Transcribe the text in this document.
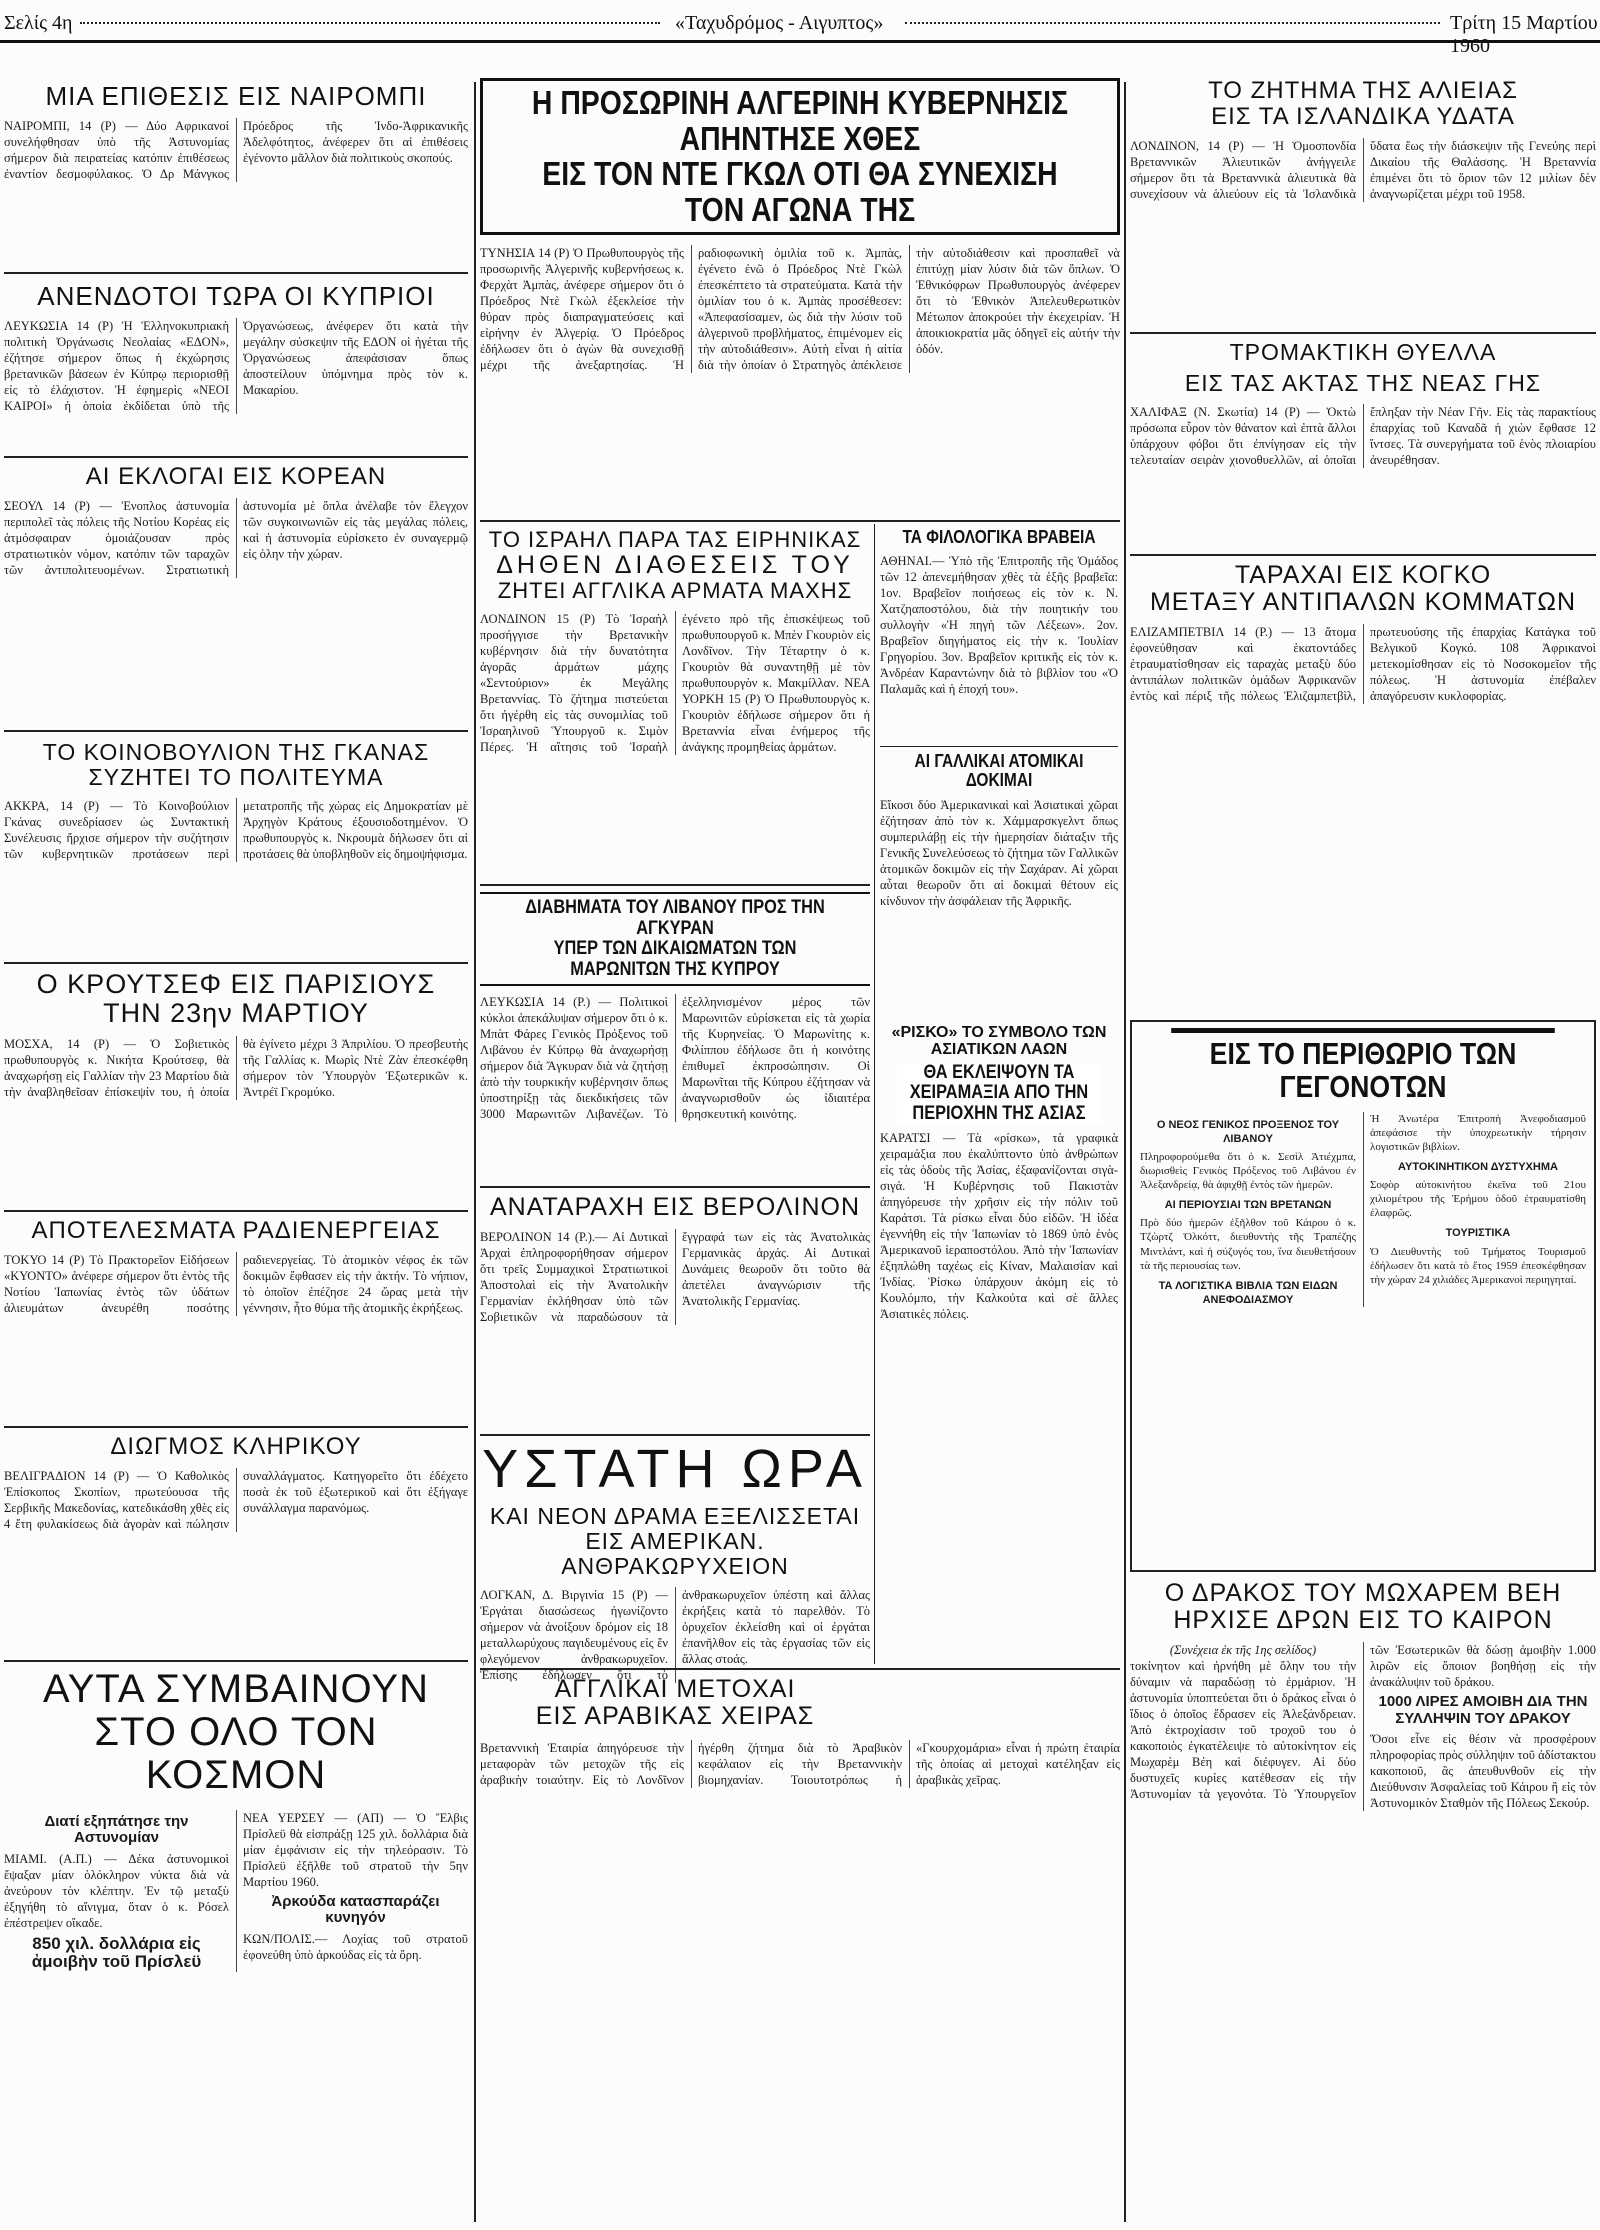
Σελίς 4η	«Ταχυδρόμος - Αιγυπτος»	Τρίτη 15 Μαρτίου 1960
ΜΙΑ ΕΠΙΘΕΣΙΣ ΕΙΣ ΝΑΙΡΟΜΠΙ
ΝΑΙΡΟΜΠΙ, 14 (Ρ) — Δύο Αφρικανοί συνελήφθησαν ὑπὸ τῆς Ἀστυνομίας σήμερον διὰ πειρατείας κατόπιν ἐπιθέσεως ἐναντίον δεσμοφύλακος. Ὁ Δρ Μάνγκος Πρόεδρος τῆς Ἰνδο-Ἀφρικανικῆς Ἀδελφότητος, ἀνέφερεν ὅτι αἱ ἐπιθέσεις ἐγένοντο μᾶλλον διὰ πολιτικοὺς σκοπούς.
ΑΝΕΝΔΟΤΟΙ ΤΩΡΑ ΟΙ ΚΥΠΡΙΟΙ
ΛΕΥΚΩΣΙΑ 14 (Ρ) Ἡ Ἑλληνοκυπριακὴ πολιτικὴ Ὀργάνωσις Νεολαίας «ΕΔΟΝ», ἐζήτησε σήμερον ὅπως ἡ ἐκχώρησις βρετανικῶν βάσεων ἐν Κύπρῳ περιορισθῇ εἰς τὸ ἐλάχιστον. Ἡ ἐφημερὶς «ΝΕΟΙ ΚΑΙΡΟΙ» ἡ ὁποία ἐκδίδεται ὑπὸ τῆς Ὀργανώσεως, ἀνέφερεν ὅτι κατὰ τὴν μεγάλην σύσκεψιν τῆς ΕΔΟΝ οἱ ἡγέται τῆς Ὀργανώσεως ἀπεφάσισαν ὅπως ἀποστείλουν ὑπόμνημα πρὸς τὸν κ. Μακαρίου.
ΑΙ ΕΚΛΟΓΑΙ ΕΙΣ ΚΟΡΕΑΝ
ΣΕΟΥΛ 14 (Ρ) — Ἐνοπλος ἀστυνομία περιπολεῖ τὰς πόλεις τῆς Νοτίου Κορέας εἰς ἀτμόσφαιραν ὁμοιάζουσαν πρὸς στρατιωτικὸν νόμον, κατόπιν τῶν ταραχῶν τῶν ἀντιπολιτευομένων. Στρατιωτικὴ ἀστυνομία μὲ ὅπλα ἀνέλαβε τὸν ἔλεγχον τῶν συγκοινωνιῶν εἰς τὰς μεγάλας πόλεις, καὶ ἡ ἀστυνομία εὑρίσκετο ἐν συναγερμῷ εἰς ὁλην τὴν χώραν.
ΤΟ ΚΟΙΝΟΒΟΥΛΙΟΝ ΤΗΣ ΓΚΑΝΑΣ
ΣΥΖΗΤΕΙ ΤΟ ΠΟΛΙΤΕΥΜΑ
ΑΚΚΡΑ, 14 (Ρ) — Τὸ Κοινοβούλιον Γκάνας συνεδρίασεν ὡς Συντακτικὴ Συνέλευσις ἤρχισε σήμερον τὴν συζήτησιν τῶν κυβερνητικῶν προτάσεων περὶ μετατροπῆς τῆς χώρας εἰς Δημοκρατίαν μὲ Ἀρχηγὸν Κράτους ἐξουσιοδοτημένον. Ὁ πρωθυπουργὸς κ. Νκρουμὰ δήλωσεν ὅτι αἱ προτάσεις θὰ ὑποβληθοῦν εἰς δημοψήφισμα.
Ο ΚΡΟΥΤΣΕΦ ΕΙΣ ΠΑΡΙΣΙΟΥΣ
ΤΗΝ 23ην ΜΑΡΤΙΟΥ
ΜΟΣΧΑ, 14 (Ρ) — Ὁ Σοβιετικὸς πρωθυπουργὸς κ. Νικήτα Κρούτσεφ, θὰ ἀναχωρήσῃ εἰς Γαλλίαν τὴν 23 Μαρτίου διὰ τὴν ἀναβληθεῖσαν ἐπίσκεψίν του, ἡ ὁποία θὰ ἐγίνετο μέχρι 3 Ἀπριλίου. Ὁ πρεσβευτὴς τῆς Γαλλίας κ. Μωρὶς Ντὲ Ζὰν ἐπεσκέφθη σήμερον τὸν Ὑπουργὸν Ἐξωτερικῶν κ. Ἀντρέϊ Γκρομύκο.
ΑΠΟΤΕΛΕΣΜΑΤΑ ΡΑΔΙΕΝΕΡΓΕΙΑΣ
ΤΟΚΥΟ 14 (Ρ) Τὸ Πρακτορεῖον Εἰδήσεων «ΚΥΟΝΤΟ» ἀνέφερε σήμερον ὅτι ἐντὸς τῆς Νοτίου Ἰαπωνίας ἐντὸς τῶν ὑδάτων ἀλιευμάτων ἀνευρέθη ποσότης ραδιενεργείας. Τὸ ἀτομικὸν νέφος ἐκ τῶν δοκιμῶν ἔφθασεν εἰς τὴν ἀκτήν. Τὸ νήπιον, τὸ ὁποῖον ἐπέζησε 24 ὥρας μετὰ τὴν γέννησιν, ἦτο θύμα τῆς ἀτομικῆς ἐκρήξεως.
ΔΙΩΓΜΟΣ ΚΛΗΡΙΚΟΥ
ΒΕΛΙΓΡΑΔΙΟΝ 14 (Ρ) — Ὁ Καθολικὸς Ἐπίσκοπος Σκοπίων, πρωτεύουσα τῆς Σερβικῆς Μακεδονίας, κατεδικάσθη χθὲς εἰς 4 ἔτη φυλακίσεως διὰ ἀγορὰν καὶ πώλησιν συναλλάγματος. Κατηγορεῖτο ὅτι ἐδέχετο ποσὰ ἐκ τοῦ ἐξωτερικοῦ καὶ ὅτι ἐξήγαγε συνάλλαγμα παρανόμως.
ΑΥΤΑ ΣΥΜΒΑΙΝΟΥΝ
ΣΤΟ ΟΛΟ ΤΟΝ ΚΟΣΜΟΝ
Διατί εξηπάτησε την Αστυνομίαν
ΜΙΑΜΙ. (Α.Π.) — Δέκα ἀστυνομικοὶ ἔψαξαν μίαν ὁλόκληρον νύκτα διὰ νὰ ἀνεύρουν τὸν κλέπτην. Ἐν τῷ μεταξὺ ἐξηγήθη τὸ αἴνιγμα, ὅταν ὁ κ. Ρόσελ ἐπέστρεψεν οἴκαδε.
850 χιλ. δολλάρια εἰς ἀμοιβὴν τοῦ Πρίσλεϋ
ΝΕΑ ΥΕΡΣΕΥ — (ΑΠ) — Ὁ Ἔλβις Πρίσλεϋ θὰ εἰσπράξῃ 125 χιλ. δολλάρια διὰ μίαν ἐμφάνισιν εἰς τὴν τηλεόρασιν. Τὸ Πρίσλεϋ ἐξῆλθε τοῦ στρατοῦ τὴν 5ην Μαρτίου 1960.
Ἀρκούδα κατασπαράζει κυνηγόν
ΚΩΝ/ΠΟΛΙΣ.— Λοχίας τοῦ στρατοῦ ἐφονεύθη ὑπὸ ἀρκούδας εἰς τὰ ὄρη.
Η ΠΡΟΣΩΡΙΝΗ ΑΛΓΕΡΙΝΗ ΚΥΒΕΡΝΗΣΙΣ ΑΠΗΝΤΗΣΕ ΧΘΕΣ
ΕΙΣ ΤΟΝ ΝΤΕ ΓΚΩΛ ΟΤΙ ΘΑ ΣΥΝΕΧΙΣΗ ΤΟΝ ΑΓΩΝΑ ΤΗΣ
ΤΥΝΗΣΙΑ 14 (Ρ) Ὁ Πρωθυπουργὸς τῆς προσωρινῆς Ἀλγερινῆς κυβερνήσεως κ. Φερχὰτ Ἀμπὰς, ἀνέφερε σήμερον ὅτι ὁ Πρόεδρος Ντὲ Γκὼλ ἐξεκλείσε τὴν θύραν πρὸς διαπραγματεύσεις καὶ εἰρήνην ἐν Ἀλγερίᾳ. Ὁ Πρόεδρος ἐδήλωσεν ὅτι ὁ ἀγὼν θὰ συνεχισθῇ μέχρι τῆς ἀνεξαρτησίας. Ἡ ραδιοφωνικὴ ὁμιλία τοῦ κ. Ἀμπὰς, ἐγένετο ἐνῶ ὁ Πρόεδρος Ντὲ Γκὼλ ἐπεσκέπτετο τὰ στρατεύματα. Κατὰ τὴν ὁμιλίαν του ὁ κ. Ἀμπὰς προσέθεσεν: «Ἀπεφασίσαμεν, ὡς διὰ τὴν λύσιν τοῦ ἀλγερινοῦ προβλήματος, ἐπιμένομεν εἰς τὴν αὐτοδιάθεσιν». Αὐτὴ εἶναι ἡ αἰτία διὰ τὴν ὁποίαν ὁ Στρατηγὸς ἀπέκλεισε τὴν αὐτοδιάθεσιν καὶ προσπαθεῖ νὰ ἐπιτύχῃ μίαν λύσιν διὰ τῶν ὅπλων. Ὁ Ἐθνικόφρων Πρωθυπουργὸς ἀνέφερεν ὅτι τὸ Ἐθνικὸν Ἀπελευθερωτικὸν Μέτωπον ἀποκρούει τὴν ἐκεχειρίαν. Ἡ ἀποικιοκρατία μᾶς ὁδηγεῖ εἰς αὐτήν τὴν ὁδόν.
ΤΟ ΙΣΡΑΗΛ ΠΑΡΑ ΤΑΣ ΕΙΡΗΝΙΚΑΣ
ΔΗΘΕΝ ΔΙΑΘΕΣΕΙΣ ΤΟΥ
ΖΗΤΕΙ ΑΓΓΛΙΚΑ ΑΡΜΑΤΑ ΜΑΧΗΣ
ΛΟΝΔΙΝΟΝ 15 (Ρ) Τὸ Ἰσραὴλ προσήγγισε τὴν Βρετανικὴν κυβέρνησιν διὰ τὴν δυνατότητα ἀγορᾶς ἀρμάτων μάχης «Σεντούριον» ἐκ Μεγάλης Βρεταννίας. Τὸ ζήτημα πιστεύεται ὅτι ἠγέρθη εἰς τὰς συνομιλίας τοῦ Ἰσραηλινοῦ Ὑπουργοῦ κ. Σιμὸν Πέρες. Ἡ αἴτησις τοῦ Ἰσραὴλ ἐγένετο πρὸ τῆς ἐπισκέψεως τοῦ πρωθυπουργοῦ κ. Μπὲν Γκουριὸν εἰς Λονδῖνον. Τὴν Τέταρτην ὁ κ. Γκουριὸν θὰ συναντηθῇ μὲ τὸν πρωθυπουργὸν κ. Μακμίλλαν. ΝΕΑ ΥΟΡΚΗ 15 (Ρ) Ὁ Πρωθυπουργὸς κ. Γκουριὸν ἐδήλωσε σήμερον ὅτι ἡ Βρεταννία εἶναι ἐνήμερος τῆς ἀνάγκης προμηθείας ἀρμάτων.
ΤΑ ΦΙΛΟΛΟΓΙΚΑ ΒΡΑΒΕΙΑ
ΑΘΗΝΑΙ.— Ὑπὸ τῆς Ἐπιτροπῆς τῆς Ὁμάδος τῶν 12 ἀπενεμήθησαν χθὲς τὰ ἑξῆς βραβεῖα: 1ον. Βραβεῖον ποιήσεως εἰς τὸν κ. Ν. Χατζηαποστόλου, διὰ τὴν ποιητικήν του συλλογὴν «Ἡ πηγὴ τῶν Λέξεων». 2ον. Βραβεῖον διηγήματος εἰς τὴν κ. Ἰουλίαν Γρηγορίου. 3ον. Βραβεῖον κριτικῆς εἰς τὸν κ. Ἀνδρέαν Καραντώνην διὰ τὸ βιβλίον του «Ὁ Παλαμᾶς καὶ ἡ ἐποχή του».
ΑΙ ΓΑΛΛΙΚΑΙ ΑΤΟΜΙΚΑΙ ΔΟΚΙΜΑΙ
Εἴκοσι δύο Ἀμερικανικαὶ καὶ Ἀσιατικαὶ χῶραι ἐζήτησαν ἀπὸ τὸν κ. Χάμμαρσκγελντ ὅπως συμπεριλάβῃ εἰς τὴν ἡμερησίαν διάταξιν τῆς Γενικῆς Συνελεύσεως τὸ ζήτημα τῶν Γαλλικῶν ἀτομικῶν δοκιμῶν εἰς τὴν Σαχάραν. Αἱ χῶραι αὗται θεωροῦν ὅτι αἱ δοκιμαὶ θέτουν εἰς κίνδυνον τὴν ἀσφάλειαν τῆς Ἀφρικῆς.
«ΡΙΣΚΟ» ΤΟ ΣΥΜΒΟΛΟ ΤΩΝ ΑΣΙΑΤΙΚΩΝ ΛΑΩΝ
ΘΑ ΕΚΛΕΙΨΟΥΝ ΤΑ ΧΕΙΡΑΜΑΞΙΑ ΑΠΟ ΤΗΝ ΠΕΡΙΟΧΗΝ ΤΗΣ ΑΣΙΑΣ
ΚΑΡΑΤΣΙ — Τὰ «ρίσκω», τὰ γραφικὰ χειραμάξια που ἐκαλύπτοντο ὑπὸ ἀνθρώπων εἰς τὰς ὁδοὺς τῆς Ἀσίας, ἐξαφανίζονται σιγὰ-σιγά. Ἡ Κυβέρνησις τοῦ Πακιστὰν ἀπηγόρευσε τὴν χρῆσιν εἰς τὴν πόλιν τοῦ Καράτσι. Τὰ ρίσκω εἶναι δύο εἰδῶν. Ἡ ἰδέα ἐγεννήθη εἰς τὴν Ἰαπωνίαν τὸ 1869 ὑπὸ ἑνὸς Ἀμερικανοῦ ἱεραποστόλου. Ἀπὸ τὴν Ἰαπωνίαν ἐξηπλώθη ταχέως εἰς Κίναν, Μαλαισίαν καὶ Ἰνδίας. Ῥίσκω ὑπάρχουν ἀκόμη εἰς τὸ Κουλόμπο, τὴν Καλκούτα καὶ σὲ ἄλλες Ἀσιατικὲς πόλεις.
ΔΙΑΒΗΜΑΤΑ ΤΟΥ ΛΙΒΑΝΟΥ ΠΡΟΣ ΤΗΝ ΑΓΚΥΡΑΝ
ΥΠΕΡ ΤΩΝ ΔΙΚΑΙΩΜΑΤΩΝ ΤΩΝ ΜΑΡΩΝΙΤΩΝ ΤΗΣ ΚΥΠΡΟΥ
ΛΕΥΚΩΣΙΑ 14 (Ρ.) — Πολιτικοὶ κύκλοι ἀπεκάλυψαν σήμερον ὅτι ὁ κ. Μπὰτ Φάρες Γενικὸς Πρόξενος τοῦ Λιβάνου ἐν Κύπρῳ θὰ ἀναχωρήσῃ σήμερον διὰ Ἄγκυραν διὰ νὰ ζητήσῃ ἀπὸ τὴν τουρκικὴν κυβέρνησιν ὅπως ὑποστηρίξῃ τὰς διεκδικήσεις τῶν 3000 Μαρωνιτῶν Λιβανέζων. Τὸ ἐξελληνισμένον μέρος τῶν Μαρωνιτῶν εὑρίσκεται εἰς τὰ χωρία τῆς Κυρηνείας. Ὁ Μαρωνίτης κ. Φιλίππου ἐδήλωσε ὅτι ἡ κοινότης ἐπιθυμεῖ ἐκπροσώπησιν. Οἱ Μαρωνῖται τῆς Κύπρου ἐζήτησαν νὰ ἀναγνωρισθοῦν ὡς ἰδιαιτέρα θρησκευτικὴ κοινότης.
ΑΝΑΤΑΡΑΧΗ ΕΙΣ ΒΕΡΟΛΙΝΟΝ
ΒΕΡΟΛΙΝΟΝ 14 (Ρ.).— Αἱ Δυτικαὶ Ἀρχαὶ ἐπληροφορήθησαν σήμερον ὅτι τρεῖς Συμμαχικοὶ Στρατιωτικοὶ Ἀποστολαὶ εἰς τὴν Ἀνατολικὴν Γερμανίαν ἐκλήθησαν ὑπὸ τῶν Σοβιετικῶν νὰ παραδώσουν τὰ ἔγγραφά των εἰς τὰς Ἀνατολικὰς Γερμανικὰς ἀρχάς. Αἱ Δυτικαὶ Δυνάμεις θεωροῦν ὅτι τοῦτο θὰ ἀπετέλει ἀναγνώρισιν τῆς Ἀνατολικῆς Γερμανίας.
ΥΣΤΑΤΗ ΩΡΑ
ΚΑΙ ΝΕΟΝ ΔΡΑΜΑ ΕΞΕΛΙΣΣΕΤΑΙ
ΕΙΣ ΑΜΕΡΙΚΑΝ. ΑΝΘΡΑΚΩΡΥΧΕΙΟΝ
ΛΟΓΚΑΝ, Δ. Βιργινία 15 (Ρ) — Ἐργάται διασώσεως ἠγωνίζοντο σήμερον νὰ ἀνοίξουν δρόμον εἰς 18 μεταλλωρύχους παγιδευμένους εἰς ἕν φλεγόμενον ἀνθρακωρυχεῖον. Ἐπίσης ἐδήλωσεν ὅτι τὸ ἀνθρακωρυχεῖον ὑπέστη καὶ ἄλλας ἐκρήξεις κατὰ τὸ παρελθόν. Τὸ ὀρυχεῖον ἐκλείσθη καὶ οἱ ἐργάται ἐπανῆλθον εἰς τὰς ἐργασίας τῶν εἰς ἄλλας στοάς.
ΑΓΓΛΙΚΑΙ ΜΕΤΟΧΑΙ
ΕΙΣ ΑΡΑΒΙΚΑΣ ΧΕΙΡΑΣ
Βρεταννικὴ Ἑταιρία ἀπηγόρευσε τὴν μεταφορὰν τῶν μετοχῶν τῆς εἰς ἀραβικὴν τοιαύτην. Εἰς τὸ Λονδῖνον ἠγέρθη ζήτημα διὰ τὸ Ἀραβικὸν κεφάλαιον εἰς τὴν Βρεταννικὴν βιομηχανίαν. Τοιουτοτρόπως ἡ «Γκουρχομάρια» εἶναι ἡ πρώτη ἐταιρία τῆς ὁποίας αἱ μετοχαὶ κατέληξαν εἰς ἀραβικὰς χεῖρας.
ΤΟ ΖΗΤΗΜΑ ΤΗΣ ΑΛΙΕΙΑΣ
ΕΙΣ ΤΑ ΙΣΛΑΝΔΙΚΑ ΥΔΑΤΑ
ΛΟΝΔΙΝΟΝ, 14 (Ρ) — Ἡ Ὁμοσπονδία Βρεταννικῶν Ἀλιευτικῶν ἀνήγγειλε σήμερον ὅτι τὰ Βρεταννικὰ ἁλιευτικὰ θὰ συνεχίσουν νὰ ἁλιεύουν εἰς τὰ Ἰσλανδικὰ ὕδατα ἕως τὴν διάσκεψιν τῆς Γενεύης περὶ Δικαίου τῆς Θαλάσσης. Ἡ Βρεταννία ἐπιμένει ὅτι τὸ ὅριον τῶν 12 μιλίων δὲν ἀναγνωρίζεται μέχρι τοῦ 1958.
ΤΡΟΜΑΚΤΙΚΗ ΘΥΕΛΛΑ
ΕΙΣ ΤΑΣ ΑΚΤΑΣ ΤΗΣ ΝΕΑΣ ΓΗΣ
ΧΑΛΙΦΑΞ (Ν. Σκωτία) 14 (Ρ) — Ὀκτὼ πρόσωπα εὗρον τὸν θάνατον καὶ ἐπτὰ ἄλλοι ὑπάρχουν φόβοι ὅτι ἐπνίγησαν εἰς τὴν τελευταίαν σειρὰν χιονοθυελλῶν, αἱ ὁποῖαι ἔπληξαν τὴν Νέαν Γῆν. Εἰς τὰς παρακτίους ἐπαρχίας τοῦ Καναδᾶ ἡ χιὼν ἔφθασε 12 ἴντσες. Τὰ συνεργήματα τοῦ ἑνὸς πλοιαρίου ἀνευρέθησαν.
ΤΑΡΑΧΑΙ ΕΙΣ ΚΟΓΚΟ
ΜΕΤΑΞΥ ΑΝΤΙΠΑΛΩΝ ΚΟΜΜΑΤΩΝ
ΕΛΙΖΑΜΠΕΤΒΙΛ 14 (Ρ.) — 13 ἄτομα ἐφονεύθησαν καὶ ἑκατοντάδες ἐτραυματίσθησαν εἰς ταραχὰς μεταξὺ δύο ἀντιπάλων πολιτικῶν ὁμάδων Ἀφρικανῶν ἐντὸς καὶ πέριξ τῆς πόλεως Ἐλιζαμπετβὶλ, πρωτευούσης τῆς ἐπαρχίας Κατάγκα τοῦ Βελγικοῦ Κογκό. 108 Ἀφρικανοὶ μετεκομίσθησαν εἰς τὸ Νοσοκομεῖον τῆς πόλεως. Ἡ ἀστυνομία ἐπέβαλεν ἀπαγόρευσιν κυκλοφορίας.
ΕΙΣ ΤΟ ΠΕΡΙΘΩΡΙΟ ΤΩΝ ΓΕΓΟΝΟΤΩΝ
Ο ΝΕΟΣ ΓΕΝΙΚΟΣ ΠΡΟΞΕΝΟΣ ΤΟΥ ΛΙΒΑΝΟΥ
Πληροφορούμεθα ὅτι ὁ κ. Σεσὶλ Ἀτιέχμπα, διωρισθεὶς Γενικὸς Πρόξενος τοῦ Λιβάνου ἐν Ἀλεξανδρείᾳ, θὰ ἀφιχθῇ ἐντὸς τῶν ἡμερῶν.
ΑΙ ΠΕΡΙΟΥΣΙΑΙ ΤΩΝ ΒΡΕΤΑΝΩΝ
Πρὸ δύο ἡμερῶν ἐξῆλθον τοῦ Κάιρου ὁ κ. Τζὼρτζ Ὀλκόττ, διευθυντὴς τῆς Τραπέζης Μιντλάντ, καὶ ἡ σύζυγός του, ἵνα διευθετήσουν τὰ τῆς περιουσίας των.
ΤΑ ΛΟΓΙΣΤΙΚΑ ΒΙΒΛΙΑ ΤΩΝ ΕΙΔΩΝ ΑΝΕΦΟΔΙΑΣΜΟΥ
Ἡ Ἀνωτέρα Ἐπιτροπὴ Ἀνεφοδιασμοῦ ἀπεφάσισε τὴν ὑποχρεωτικὴν τήρησιν λογιστικῶν βιβλίων.
ΑΥΤΟΚΙΝΗΤΙΚΟΝ ΔΥΣΤΥΧΗΜΑ
Σοφὸρ αὐτοκινήτου ἐκεῖνα τοῦ 21ου χιλιομέτρου τῆς Ἐρήμου ὁδοῦ ἐτραυματίσθη ἐλαφρῶς.
ΤΟΥΡΙΣΤΙΚΑ
Ὁ Διευθυντὴς τοῦ Τμήματος Τουρισμοῦ ἐδήλωσεν ὅτι κατὰ τὸ ἔτος 1959 ἐπεσκέφθησαν τὴν χώραν 24 χιλιάδες Ἀμερικανοὶ περιηγηταί.
Ο ΔΡΑΚΟΣ ΤΟΥ ΜΩΧΑΡΕΜ ΒΕΗ
ΗΡΧΙΣΕ ΔΡΩΝ ΕΙΣ ΤΟ ΚΑΙΡΟΝ
(Συνέχεια ἐκ τῆς 1ης σελίδος)
τοκίνητον καὶ ἠρνήθη μὲ ὅλην του τὴν δύναμιν νὰ παραδώσῃ τὸ ἐρμάριον. Ἡ ἀστυνομία ὑποπτεύεται ὅτι ὁ δράκος εἶναι ὁ ἴδιος ὁ ὁποῖος ἔδρασεν εἰς Ἀλεξάνδρειαν. Ἀπὸ ἐκτροχίασιν τοῦ τροχοῦ του ὁ κακοποιὸς ἐγκατέλειψε τὸ αὐτοκίνητον εἰς Μωχαρὲμ Βέη καὶ διέφυγεν. Αἱ δύο δυστυχεῖς κυρίες κατέθεσαν εἰς τὴν Ἀστυνομίαν τὰ γεγονότα. Τὸ Ὑπουργεῖον τῶν Ἐσωτερικῶν θὰ δώσῃ ἀμοιβὴν 1.000 λιρῶν εἰς ὅποιον βοηθήσῃ εἰς τὴν ἀνακάλυψιν τοῦ δράκου.
1000 ΛΙΡΕΣ ΑΜΟΙΒΗ ΔΙΑ ΤΗΝ ΣΥΛΛΗΨΙΝ ΤΟΥ ΔΡΑΚΟΥ
Ὅσοι εἶνε εἰς θέσιν νὰ προσφέρουν πληροφορίας πρὸς σύλληψιν τοῦ ἀδίστακτου κακοποιοῦ, ἂς ἀπευθυνθοῦν εἰς τὴν Διεύθυνσιν Ἀσφαλείας τοῦ Κάιρου ἢ εἰς τὸν Ἀστυνομικὸν Σταθμὸν τῆς Πόλεως Σεκούρ.
